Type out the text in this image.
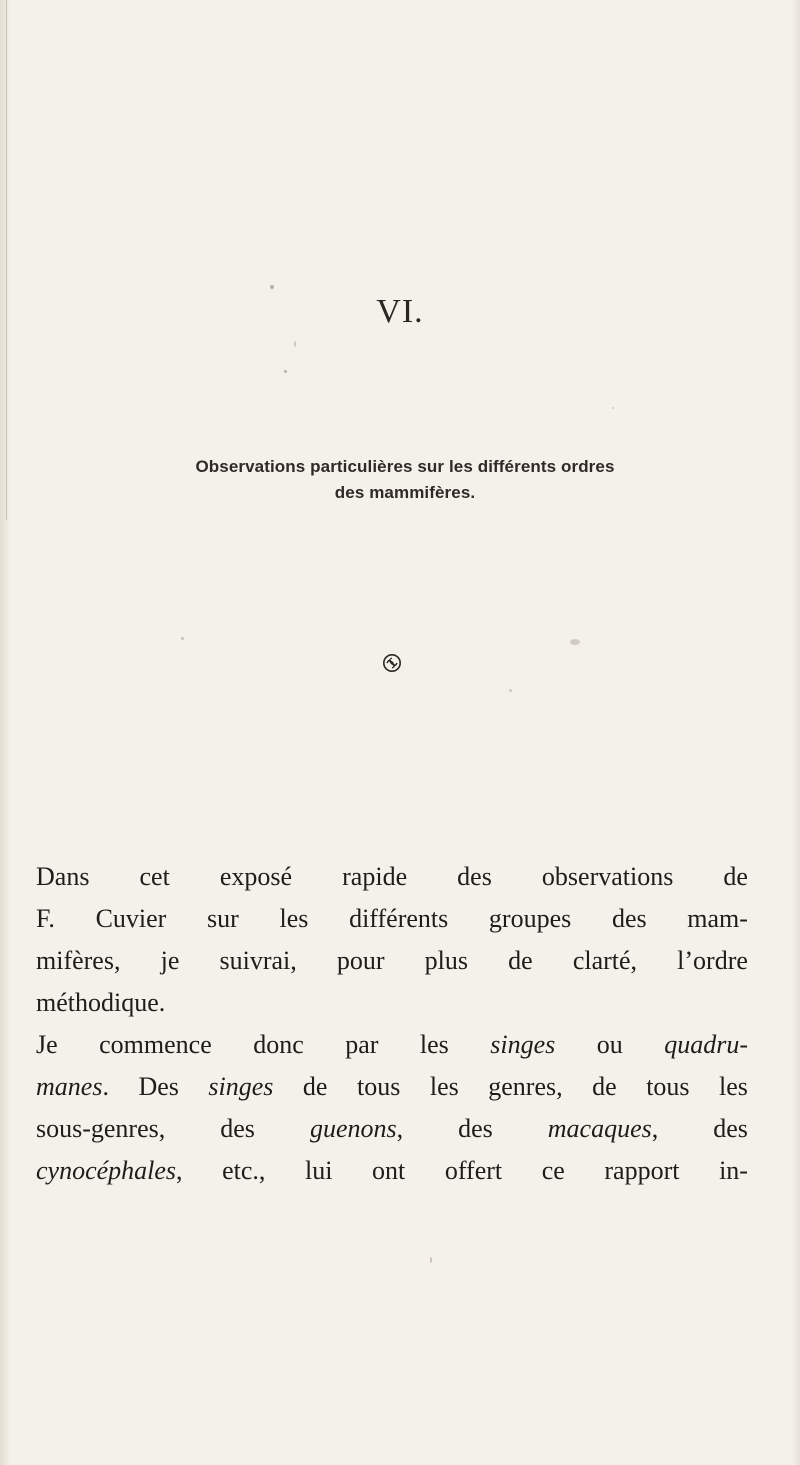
VI.
Observations particulières sur les différents ordres
des mammifères.
Dans cet exposé rapide des observations de
F. Cuvier sur les différents groupes des mam-
mifères, je suivrai, pour plus de clarté, l’ordre
méthodique.
Je commence donc par les singes ou quadru-
manes. Des singes de tous les genres, de tous les
sous-genres, des guenons, des macaques, des
cynocéphales, etc., lui ont offert ce rapport in-
